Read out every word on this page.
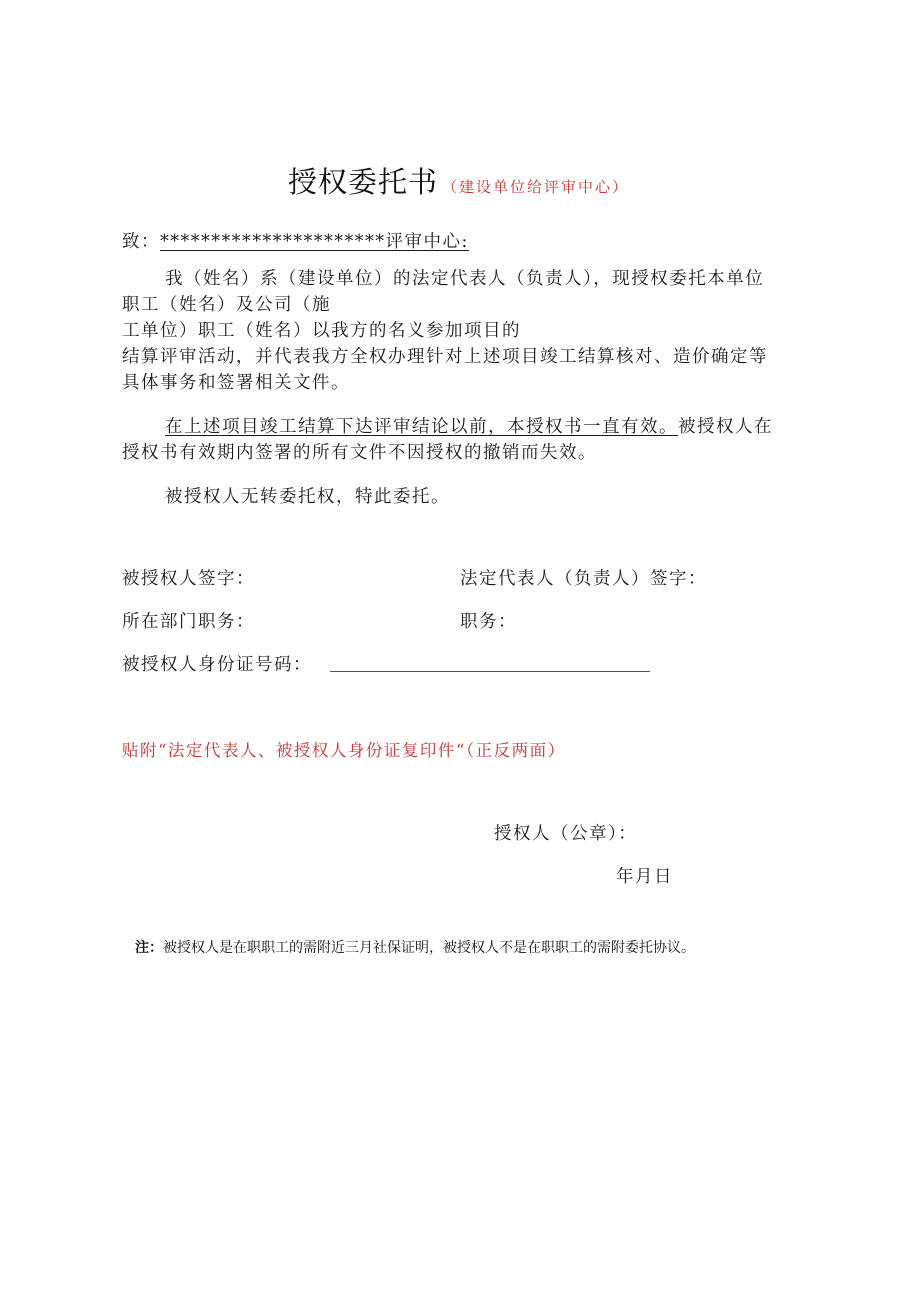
授权委托书 （建设单位给评审中心）
致：**********************评审中心:
我（姓名）系（建设单位）的法定代表人（负责人），现授权委托本单位
职工（姓名）及公司（施
工单位）职工（姓名）以我方的名义参加项目的
结算评审活动，并代表我方全权办理针对上述项目竣工结算核对、造价确定等
具体事务和签署相关文件。
在上述项目竣工结算下达评审结论以前，本授权书一直有效。被授权人在
授权书有效期内签署的所有文件不因授权的撤销而失效。
被授权人无转委托权，特此委托。
被授权人签字：	法定代表人（负责人）签字：
所在部门职务：	职务：
被授权人身份证号码：
贴附“法定代表人、被授权人身份证复印件“（正反两面）
授权人（公章）：
年月日
注：被授权人是在职职工的需附近三月社保证明，被授权人不是在职职工的需附委托协议。
